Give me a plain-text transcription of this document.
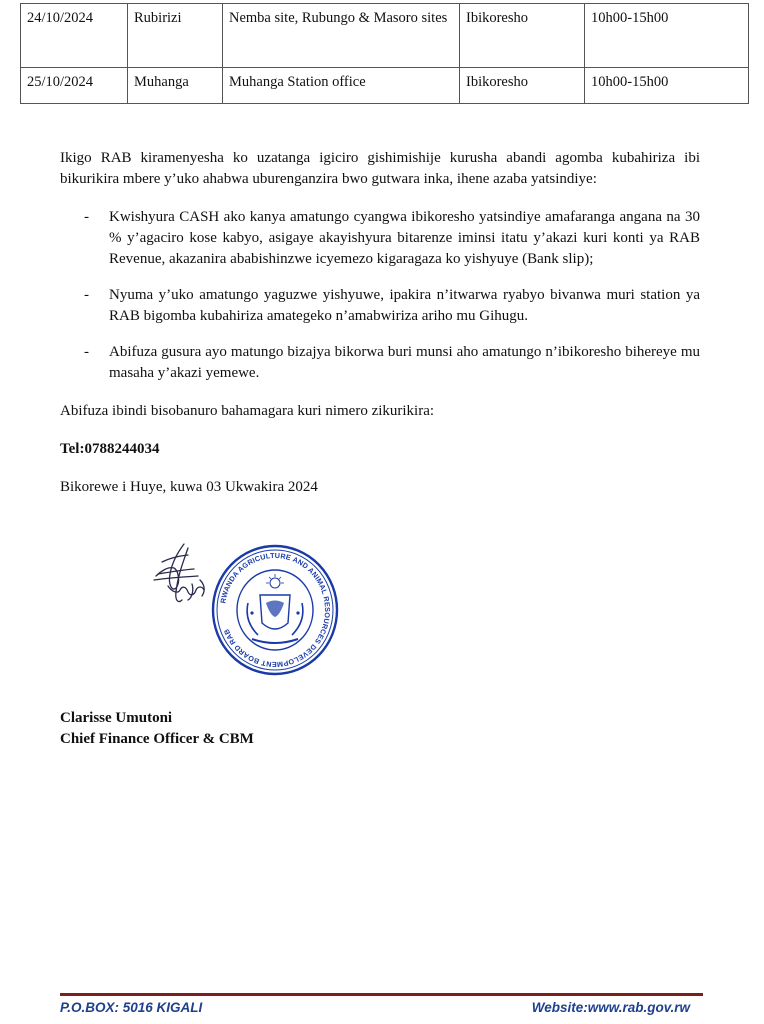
24/10/2024	Rubirizi	Nemba site, Rubungo & Masoro sites	Ibikoresho	10h00-15h00
25/10/2024	Muhanga	Muhanga Station office	Ibikoresho	10h00-15h00
Ikigo RAB kiramenyesha ko uzatanga igiciro gishimishije kurusha abandi agomba kubahiriza ibi bikurikira mbere y’uko ahabwa uburenganzira bwo gutwara inka, ihene azaba yatsindiye:
- Kwishyura CASH ako kanya amatungo cyangwa ibikoresho yatsindiye amafaranga angana na 30 % y’agaciro kose kabyo, asigaye akayishyura bitarenze iminsi itatu y’akazi kuri konti ya RAB Revenue, akazanira ababishinzwe icyemezo kigaragaza ko yishyuye (Bank slip);
- Nyuma y’uko amatungo yaguzwe yishyuwe, ipakira n’itwarwa ryabyo bivanwa muri station ya RAB bigomba kubahiriza amategeko n’amabwiriza ariho mu Gihugu.
- Abifuza gusura ayo matungo bizajya bikorwa buri munsi aho amatungo n’ibikoresho bihereye mu masaha y’akazi yemewe.
Abifuza ibindi bisobanuro bahamagara kuri nimero zikurikira:
Tel:0788244034
Bikorewe i Huye, kuwa 03 Ukwakira 2024
RWANDA AGRICULTURE AND ANIMAL RESOURCES DEVELOPMENT BOARD RAB
Clarisse Umutoni
Chief Finance Officer & CBM
P.O.BOX: 5016 KIGALI	Website:www.rab.gov.rw
